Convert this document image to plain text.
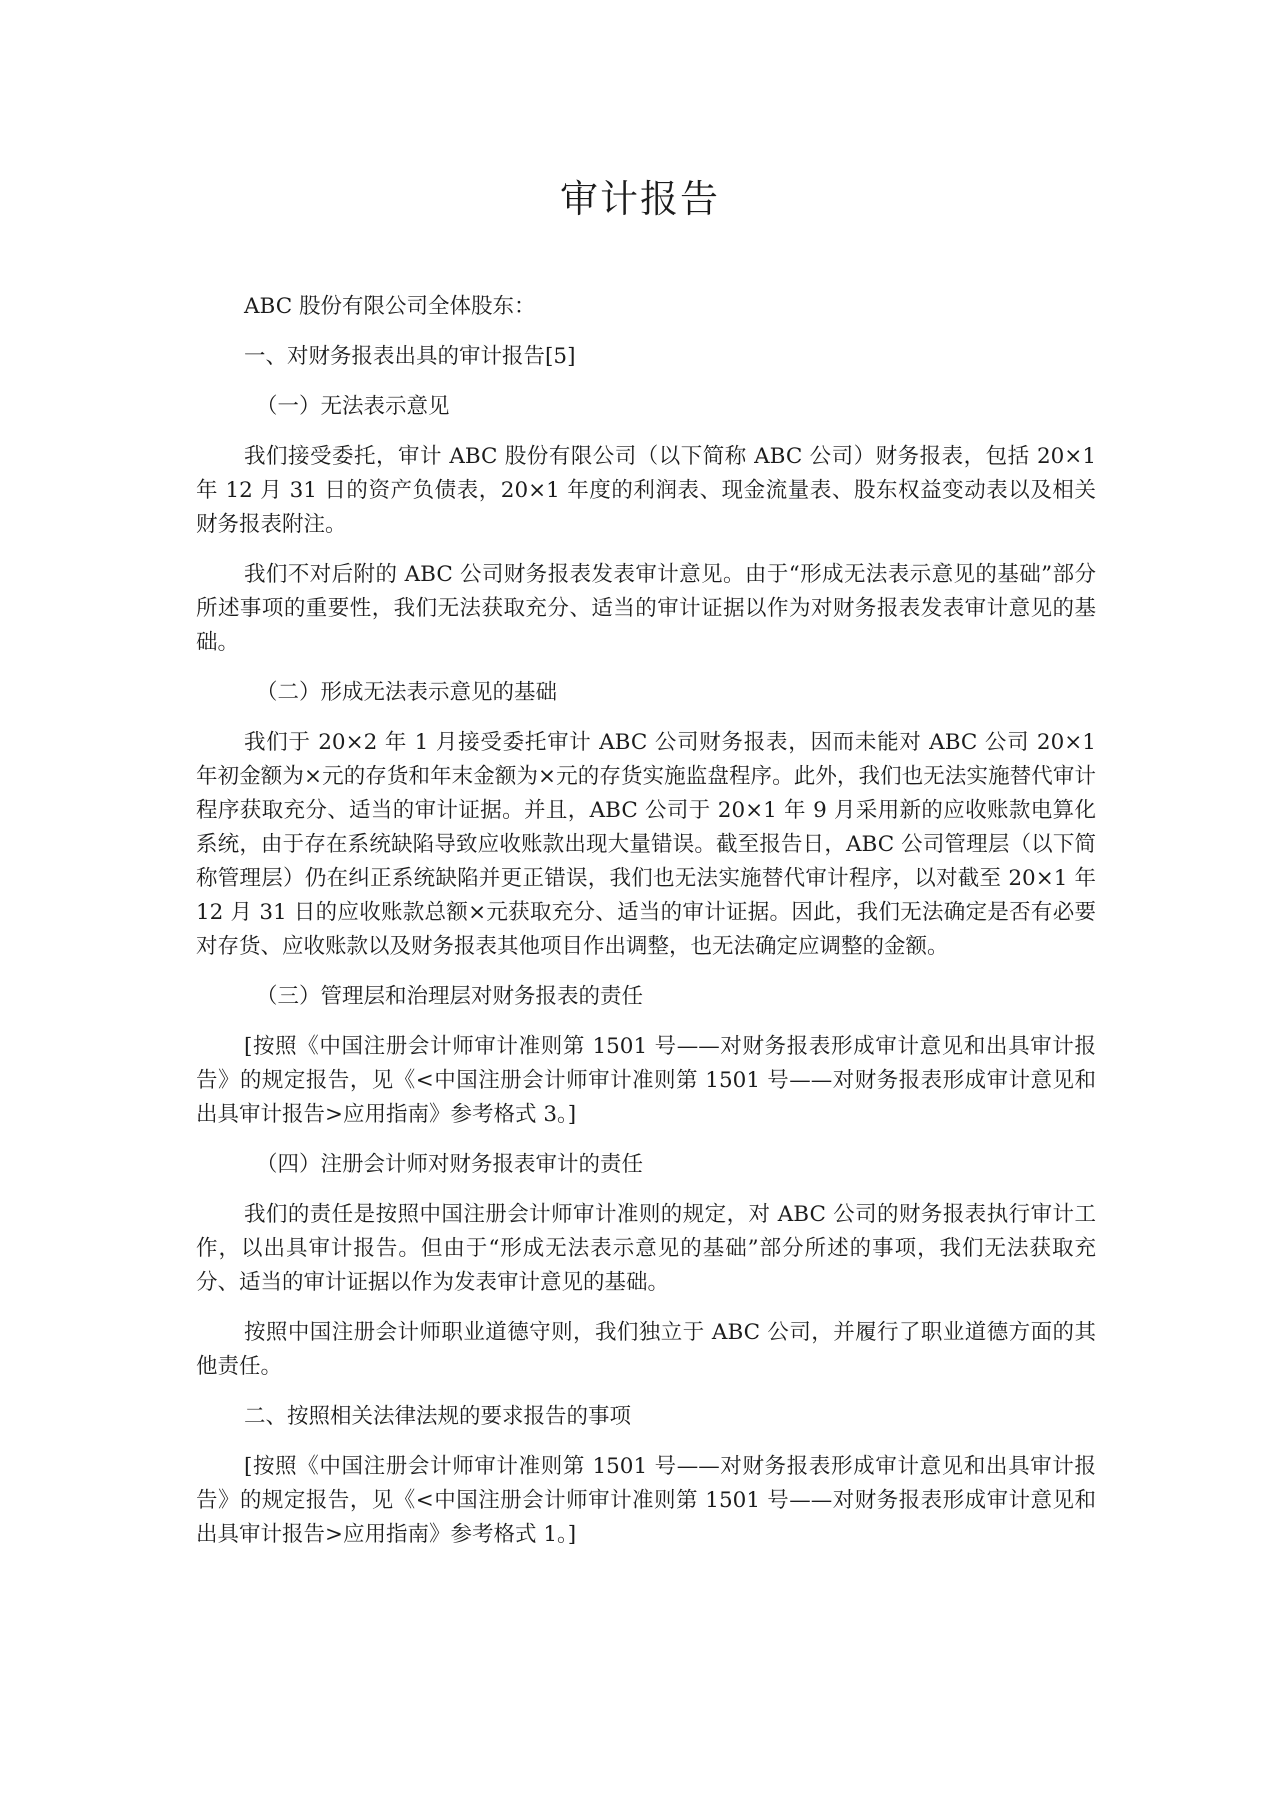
审计报告

ABC 股份有限公司全体股东：

一、对财务报表出具的审计报告[5]

（一）无法表示意见

我们接受委托，审计 ABC 股份有限公司（以下简称 ABC 公司）财务报表，包括 20×1 年 12 月 31 日的资产负债表，20×1 年度的利润表、现金流量表、股东权益变动表以及相关财务报表附注。

我们不对后附的 ABC 公司财务报表发表审计意见。由于“形成无法表示意见的基础”部分所述事项的重要性，我们无法获取充分、适当的审计证据以作为对财务报表发表审计意见的基础。

（二）形成无法表示意见的基础

我们于 20×2 年 1 月接受委托审计 ABC 公司财务报表，因而未能对 ABC 公司 20×1 年初金额为×元的存货和年末金额为×元的存货实施监盘程序。此外，我们也无法实施替代审计程序获取充分、适当的审计证据。并且，ABC 公司于 20×1 年 9 月采用新的应收账款电算化系统，由于存在系统缺陷导致应收账款出现大量错误。截至报告日，ABC 公司管理层（以下简称管理层）仍在纠正系统缺陷并更正错误，我们也无法实施替代审计程序，以对截至 20×1 年 12 月 31 日的应收账款总额×元获取充分、适当的审计证据。因此，我们无法确定是否有必要对存货、应收账款以及财务报表其他项目作出调整，也无法确定应调整的金额。

（三）管理层和治理层对财务报表的责任

[按照《中国注册会计师审计准则第 1501 号——对财务报表形成审计意见和出具审计报告》的规定报告，见《<中国注册会计师审计准则第 1501 号——对财务报表形成审计意见和出具审计报告>应用指南》参考格式 3。]

（四）注册会计师对财务报表审计的责任

我们的责任是按照中国注册会计师审计准则的规定，对 ABC 公司的财务报表执行审计工作，以出具审计报告。但由于“形成无法表示意见的基础”部分所述的事项，我们无法获取充分、适当的审计证据以作为发表审计意见的基础。

按照中国注册会计师职业道德守则，我们独立于 ABC 公司，并履行了职业道德方面的其他责任。

二、按照相关法律法规的要求报告的事项

[按照《中国注册会计师审计准则第 1501 号——对财务报表形成审计意见和出具审计报告》的规定报告，见《<中国注册会计师审计准则第 1501 号——对财务报表形成审计意见和出具审计报告>应用指南》参考格式 1。]
